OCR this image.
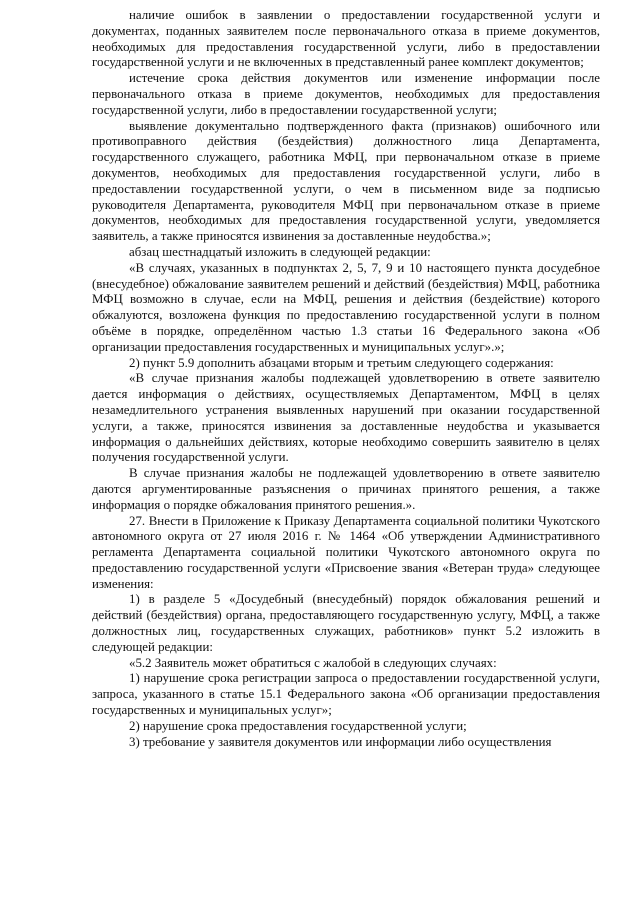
наличие ошибок в заявлении о предоставлении государственной услуги и документах, поданных заявителем после первоначального отказа в приеме документов, необходимых для предоставления государственной услуги, либо в предоставлении государственной услуги и не включенных в представленный ранее комплект документов;

истечение срока действия документов или изменение информации после первоначального отказа в приеме документов, необходимых для предоставления государственной услуги, либо в предоставлении государственной услуги;

выявление документально подтвержденного факта (признаков) ошибочного или противоправного действия (бездействия) должностного лица Департамента, государственного служащего, работника МФЦ, при первоначальном отказе в приеме документов, необходимых для предоставления государственной услуги, либо в предоставлении государственной услуги, о чем в письменном виде за подписью руководителя Департамента, руководителя МФЦ при первоначальном отказе в приеме документов, необходимых для предоставления государственной услуги, уведомляется заявитель, а также приносятся извинения за доставленные неудобства.»;

абзац шестнадцатый изложить в следующей редакции:

«В случаях, указанных в подпунктах 2, 5, 7, 9 и 10 настоящего пункта досудебное (внесудебное) обжалование заявителем решений и действий (бездействия) МФЦ, работника МФЦ возможно в случае, если на МФЦ, решения и действия (бездействие) которого обжалуются, возложена функция по предоставлению государственной услуги в полном объёме в порядке, определённом частью 1.3 статьи 16 Федерального закона «Об организации предоставления государственных и муниципальных услуг».»;

2) пункт 5.9 дополнить абзацами вторым и третьим следующего содержания:

«В случае признания жалобы подлежащей удовлетворению в ответе заявителю дается информация о действиях, осуществляемых Департаментом, МФЦ в целях незамедлительного устранения выявленных нарушений при оказании государственной услуги, а также, приносятся извинения за доставленные неудобства и указывается информация о дальнейших действиях, которые необходимо совершить заявителю в целях получения государственной услуги.

В случае признания жалобы не подлежащей удовлетворению в ответе заявителю даются аргументированные разъяснения о причинах принятого решения, а также информация о порядке обжалования принятого решения.».

27. Внести в Приложение к Приказу Департамента социальной политики Чукотского автономного округа от 27 июля 2016 г. № 1464 «Об утверждении Административного регламента Департамента социальной политики Чукотского автономного округа по предоставлению государственной услуги «Присвоение звания «Ветеран труда» следующее изменения:

1) в разделе 5 «Досудебный (внесудебный) порядок обжалования решений и действий (бездействия) органа, предоставляющего государственную услугу, МФЦ, а также должностных лиц, государственных служащих, работников» пункт 5.2 изложить в следующей редакции:

«5.2 Заявитель может обратиться с жалобой в следующих случаях:

1) нарушение срока регистрации запроса о предоставлении государственной услуги, запроса, указанного в статье 15.1 Федерального закона «Об организации предоставления государственных и муниципальных услуг»;

2) нарушение срока предоставления государственной услуги;

3) требование у заявителя документов или информации либо осуществления
